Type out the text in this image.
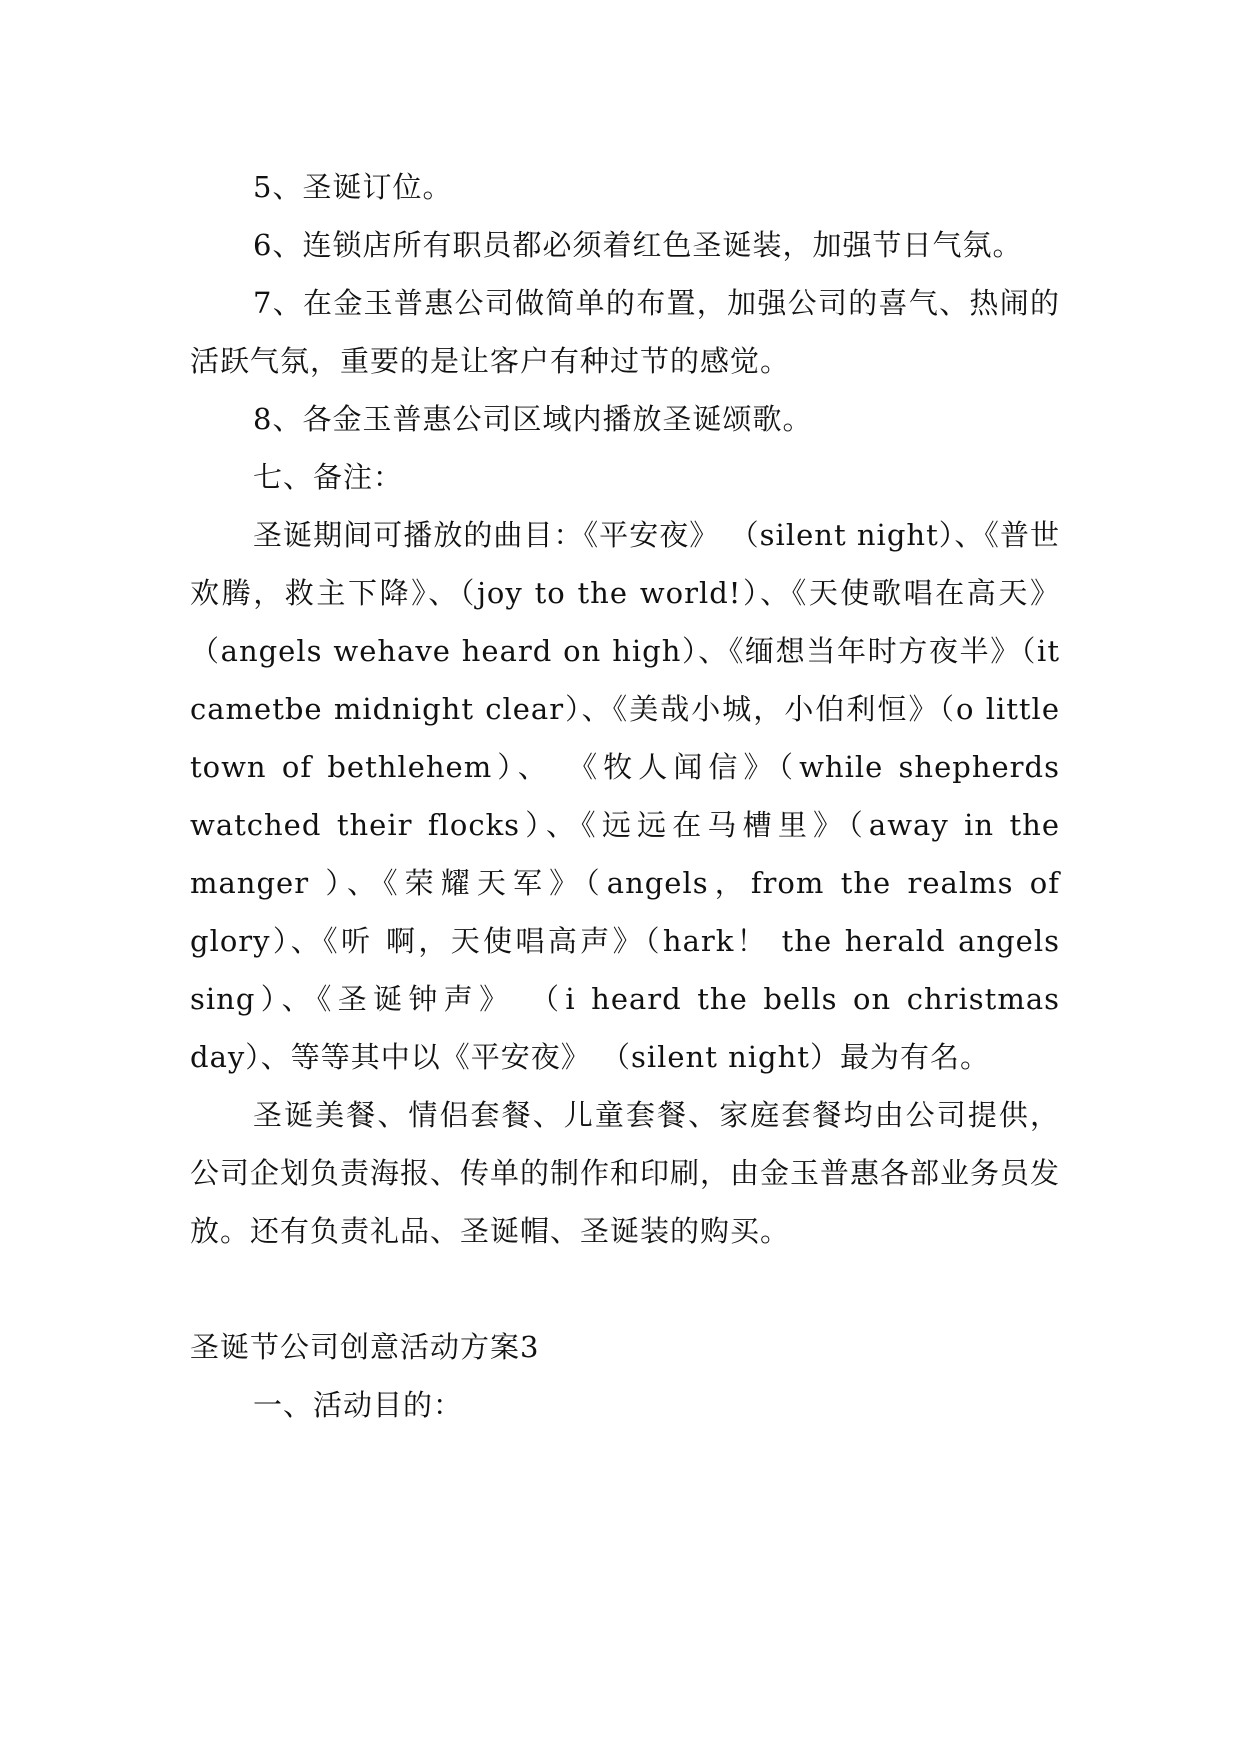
5、圣诞订位。

6、连锁店所有职员都必须着红色圣诞装，加强节日气氛。

7、在金玉普惠公司做简单的布置，加强公司的喜气、热闹的活跃气氛，重要的是让客户有种过节的感觉。

8、各金玉普惠公司区域内播放圣诞颂歌。

七、备注：

圣诞期间可播放的曲目：《平安夜》 （silent night）、《普世欢腾，救主下降》、（joy to the world!）、《天使歌唱在高天》（angels wehave heard on high）、《缅想当年时方夜半》（it cametbe midnight clear）、《美哉小城，小伯利恒》（o little town of bethlehem）、 《牧人闻信》（while shepherds watched their flocks）、《远远在马槽里》（away in the manger ）、《荣耀天军》（angels，from the realms of glory）、《听 啊，天使唱高声》（hark！ the herald angels sing）、《圣诞钟声》 （i heard the bells on christmas day）、等等其中以《平安夜》 （silent night）最为有名。

圣诞美餐、情侣套餐、儿童套餐、家庭套餐均由公司提供，公司企划负责海报、传单的制作和印刷，由金玉普惠各部业务员发放。还有负责礼品、圣诞帽、圣诞装的购买。

圣诞节公司创意活动方案3

一、活动目的：
